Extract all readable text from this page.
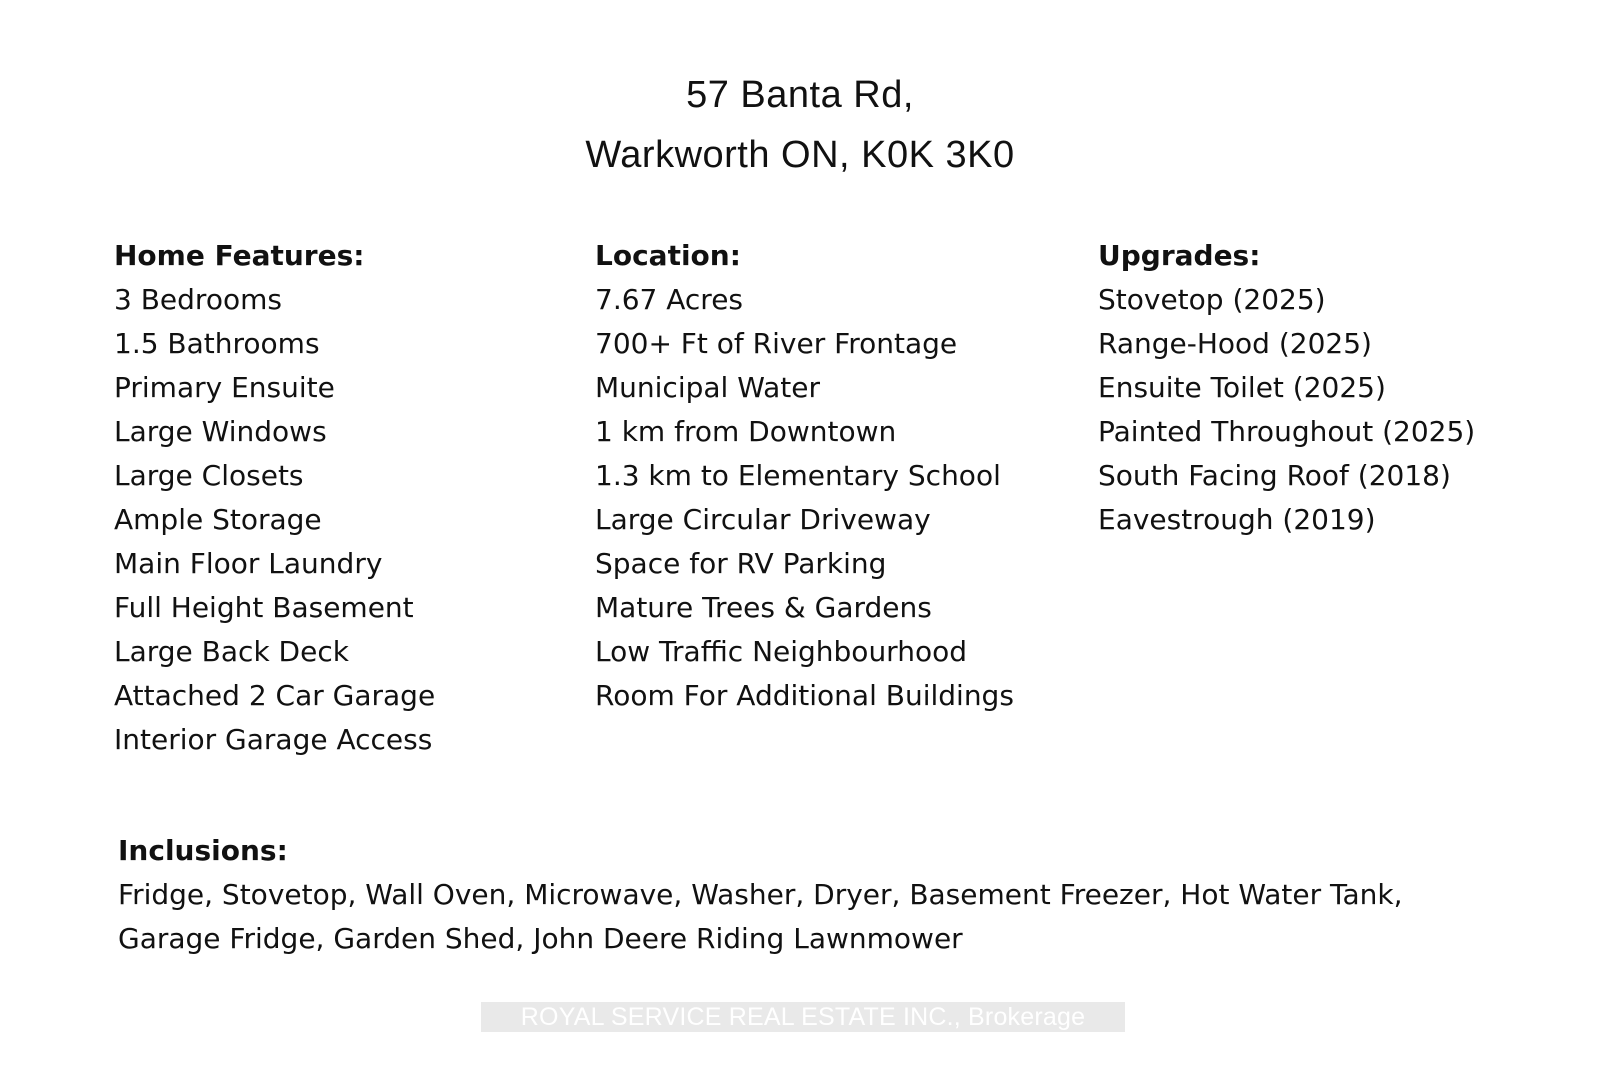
57 Banta Rd,
Warkworth ON, K0K 3K0
Home Features:
3 Bedrooms
1.5 Bathrooms
Primary Ensuite
Large Windows
Large Closets
Ample Storage
Main Floor Laundry
Full Height Basement
Large Back Deck
Attached 2 Car Garage
Interior Garage Access
Location:
7.67 Acres
700+ Ft of River Frontage
Municipal Water
1 km from Downtown
1.3 km to Elementary School
Large Circular Driveway
Space for RV Parking
Mature Trees & Gardens
Low Traffic Neighbourhood
Room For Additional Buildings
Upgrades:
Stovetop (2025)
Range-Hood (2025)
Ensuite Toilet (2025)
Painted Throughout (2025)
South Facing Roof (2018)
Eavestrough (2019)
Inclusions:
Fridge, Stovetop, Wall Oven, Microwave, Washer, Dryer, Basement Freezer, Hot Water Tank,
Garage Fridge, Garden Shed, John Deere Riding Lawnmower
ROYAL SERVICE REAL ESTATE INC., Brokerage
